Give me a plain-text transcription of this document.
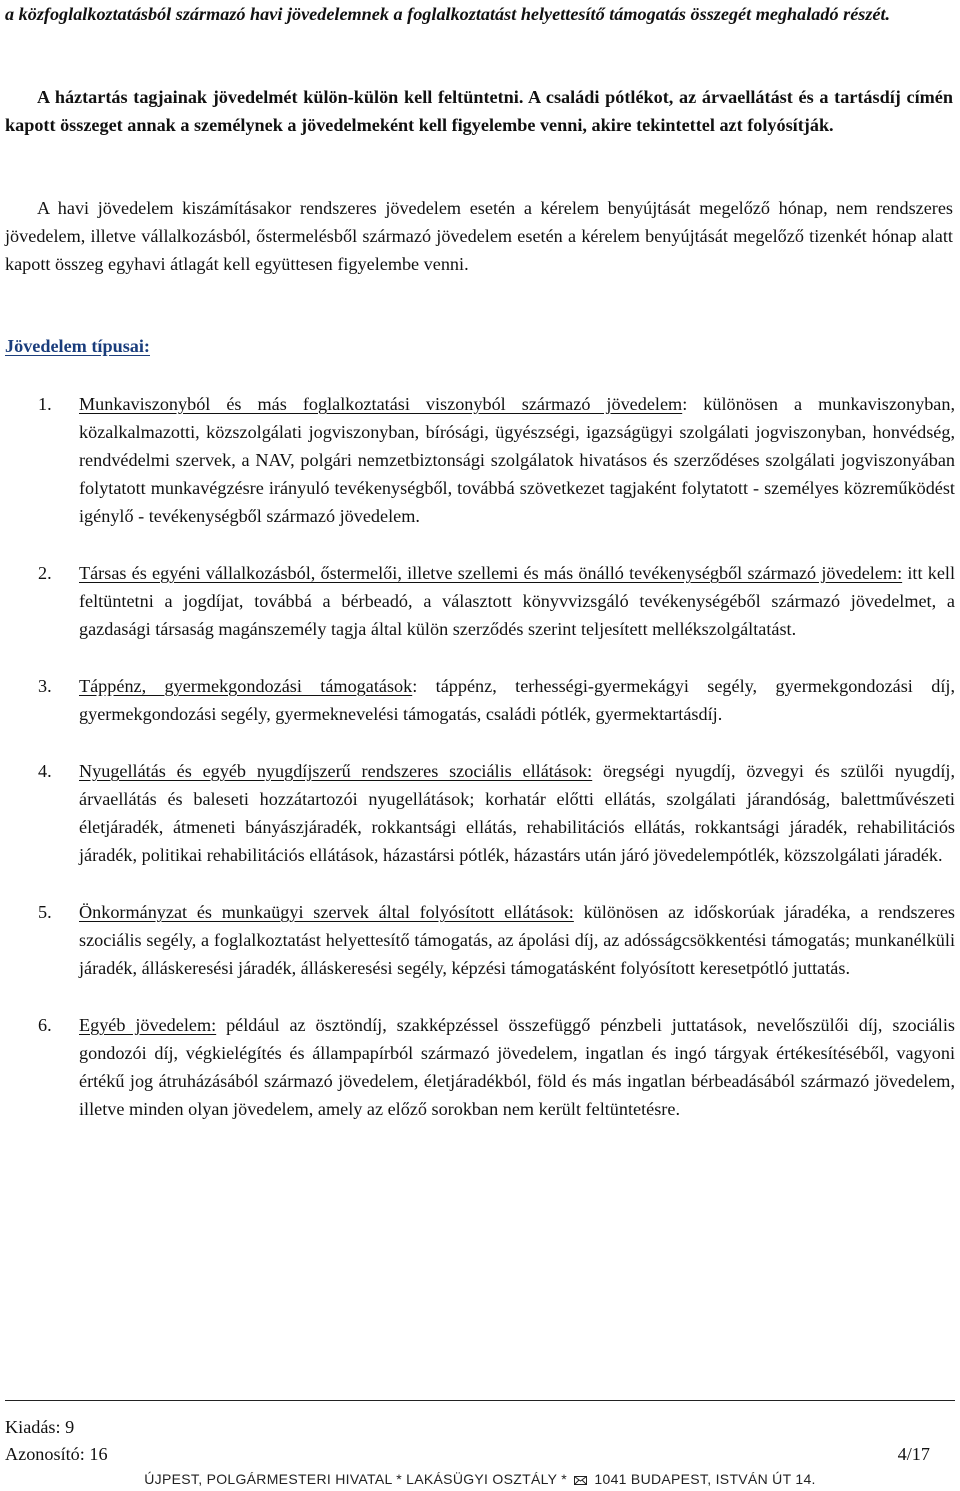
a közfoglalkoztatásból származó havi jövedelemnek a foglalkoztatást helyettesítő támogatás összegét meghaladó részét.
A háztartás tagjainak jövedelmét külön-külön kell feltüntetni. A családi pótlékot, az árvaellátást és a tartásdíj címén kapott összeget annak a személynek a jövedelmeként kell figyelembe venni, akire tekintettel azt folyósítják.
A havi jövedelem kiszámításakor rendszeres jövedelem esetén a kérelem benyújtását megelőző hónap, nem rendszeres jövedelem, illetve vállalkozásból, őstermelésből származó jövedelem esetén a kérelem benyújtását megelőző tizenkét hónap alatt kapott összeg egyhavi átlagát kell együttesen figyelembe venni.
Jövedelem típusai:
1. Munkaviszonyból és más foglalkoztatási viszonyból származó jövedelem: különösen a munkaviszonyban, közalkalmazotti, közszolgálati jogviszonyban, bírósági, ügyészségi, igazságügyi szolgálati jogviszonyban, honvédség, rendvédelmi szervek, a NAV, polgári nemzetbiztonsági szolgálatok hivatásos és szerződéses szolgálati jogviszonyában folytatott munkavégzésre irányuló tevékenységből, továbbá szövetkezet tagjaként folytatott - személyes közreműködést igénylő - tevékenységből származó jövedelem.
2. Társas és egyéni vállalkozásból, őstermelői, illetve szellemi és más önálló tevékenységből származó jövedelem: itt kell feltüntetni a jogdíjat, továbbá a bérbeadó, a választott könyvvizsgáló tevékenységéből származó jövedelmet, a gazdasági társaság magánszemély tagja által külön szerződés szerint teljesített mellékszolgáltatást.
3. Táppénz, gyermekgondozási támogatások: táppénz, terhességi-gyermekágyi segély, gyermekgondozási díj, gyermekgondozási segély, gyermeknevelési támogatás, családi pótlék, gyermektartásdíj.
4. Nyugellátás és egyéb nyugdíjszerű rendszeres szociális ellátások: öregségi nyugdíj, özvegyi és szülői nyugdíj, árvaellátás és baleseti hozzátartozói nyugellátások; korhatár előtti ellátás, szolgálati járandóság, balettművészeti életjáradék, átmeneti bányászjáradék, rokkantsági ellátás, rehabilitációs ellátás, rokkantsági járadék, rehabilitációs járadék, politikai rehabilitációs ellátások, házastársi pótlék, házastárs után járó jövedelempótlék, közszolgálati járadék.
5. Önkormányzat és munkaügyi szervek által folyósított ellátások: különösen az időskorúak járadéka, a rendszeres szociális segély, a foglalkoztatást helyettesítő támogatás, az ápolási díj, az adósságcsökkentési támogatás; munkanélküli járadék, álláskeresési járadék, álláskeresési segély, képzési támogatásként folyósított keresetpótló juttatás.
6. Egyéb jövedelem: például az ösztöndíj, szakképzéssel összefüggő pénzbeli juttatások, nevelőszülői díj, szociális gondozói díj, végkielégítés és állampapírból származó jövedelem, ingatlan és ingó tárgyak értékesítéséből, vagyoni értékű jog átruházásából származó jövedelem, életjáradékból, föld és más ingatlan bérbeadásából származó jövedelem, illetve minden olyan jövedelem, amely az előző sorokban nem került feltüntetésre.
Kiadás: 9
Azonosító: 16	4/17
ÚJPEST, POLGÁRMESTERI HIVATAL * LAKÁSÜGYI OSZTÁLY * 1041 BUDAPEST, ISTVÁN ÚT 14.
